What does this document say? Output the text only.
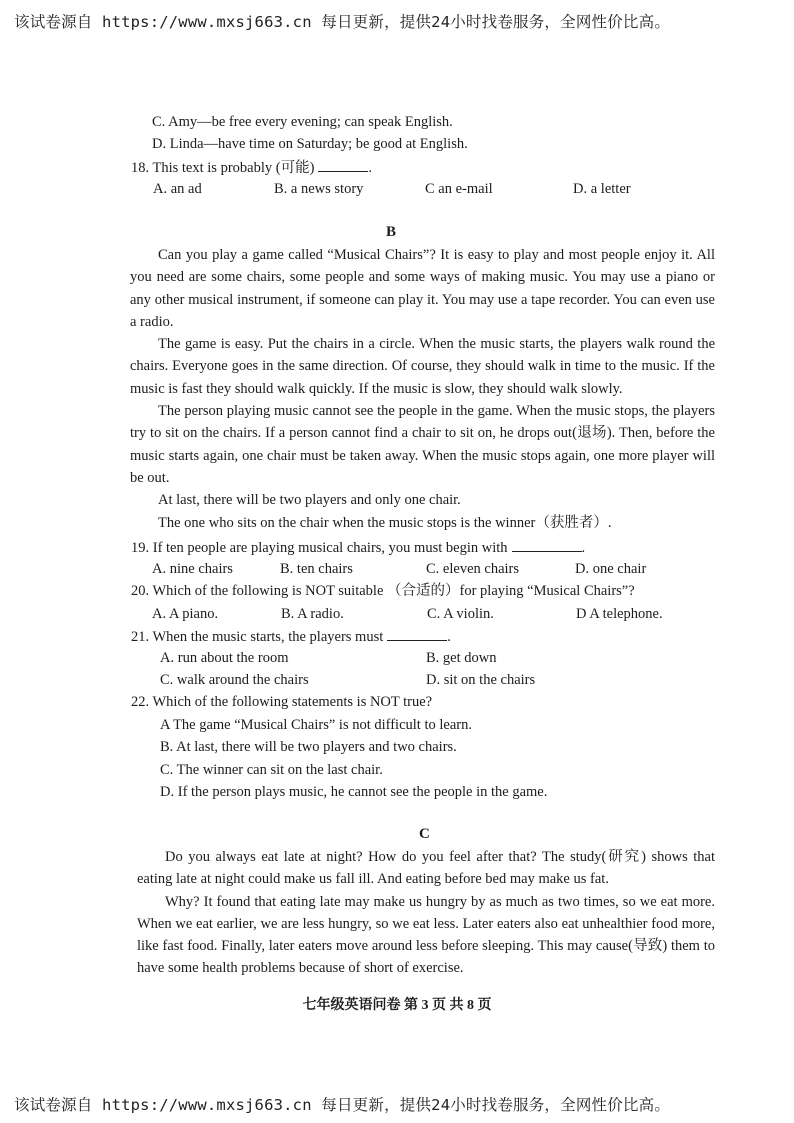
该试卷源自 https://www.mxsj663.cn 每日更新，提供24小时找卷服务，全网性价比高。
C. Amy—be free every evening; can speak English.
D. Linda—have time on Saturday; be good at English.
18. This text is probably (可能)	.
A. an ad	B. a news story	C an e-mail	D. a letter
B

Can you play a game called “Musical Chairs”? It is easy to play and most people enjoy it. All you need are some chairs, some people and some ways of making music. You may use a piano or any other musical instrument, if someone can play it. You may use a tape recorder. You can even use a radio.

The game is easy. Put the chairs in a circle. When the music starts, the players walk round the chairs. Everyone goes in the same direction. Of course, they should walk in time to the music. If the music is fast they should walk quickly. If the music is slow, they should walk slowly.

The person playing music cannot see the people in the game. When the music stops, the players try to sit on the chairs. If a person cannot find a chair to sit on, he drops out(退场). Then, before the music starts again, one chair must be taken away. When the music stops again, one more player will be out.

At last, there will be two players and only one chair.

The one who sits on the chair when the music stops is the winner（获胜者）.

19. If ten people are playing musical chairs, you must begin with	.
A. nine chairs	B. ten chairs	C. eleven chairs	D. one chair
20. Which of the following is NOT suitable （合适的）for playing “Musical Chairs”?
A. A piano.	B. A radio.	C. A violin.	D A telephone.
21. When the music starts, the players must	.
A. run about the room	B. get down
C. walk around the chairs	D. sit on the chairs
22. Which of the following statements is NOT true?
A The game “Musical Chairs” is not difficult to learn.
B. At last, there will be two players and two chairs.
C. The winner can sit on the last chair.
D. If the person plays music, he cannot see the people in the game.
C

Do you always eat late at night? How do you feel after that? The study(研究) shows that eating late at night could make us fall ill. And eating before bed may make us fat.

Why? It found that eating late may make us hungry by as much as two times, so we eat more. When we eat earlier, we are less hungry, so we eat less. Later eaters also eat unhealthier food more, like fast food. Finally, later eaters move around less before sleeping. This may cause(导致) them to have some health problems because of short of exercise.

七年级英语问卷 第 3 页 共 8 页
该试卷源自 https://www.mxsj663.cn 每日更新，提供24小时找卷服务，全网性价比高。
